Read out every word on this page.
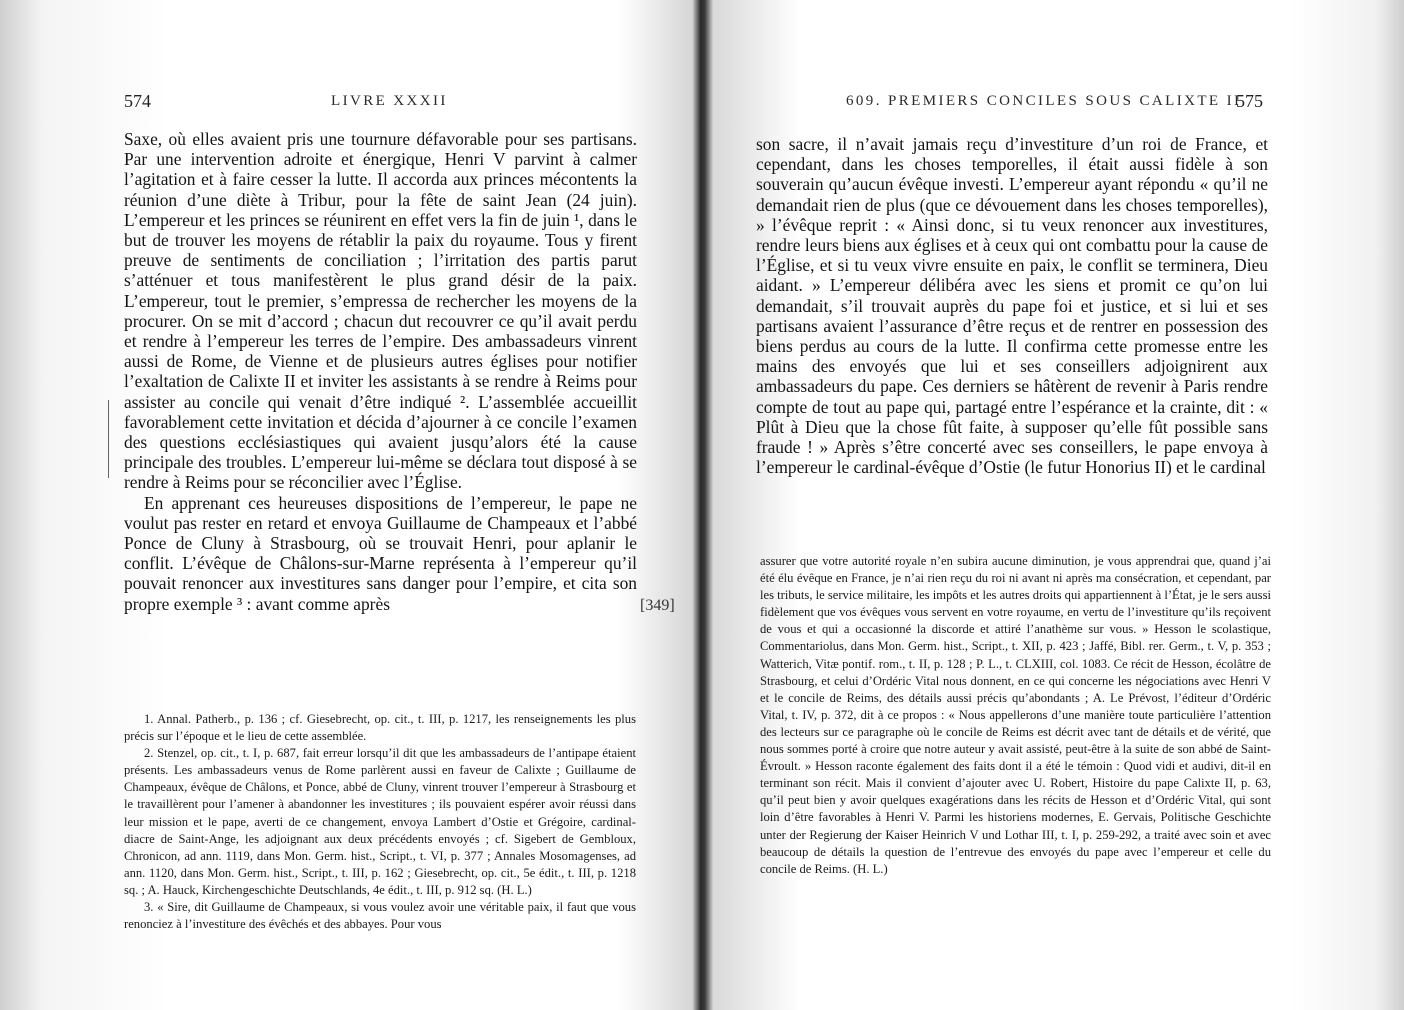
574	LIVRE XXXII

Saxe, où elles avaient pris une tournure défavorable pour ses partisans. Par une intervention adroite et énergique, Henri V parvint à calmer l’agitation et à faire cesser la lutte. Il accorda aux princes mécontents la réunion d’une diète à Tribur, pour la fête de saint Jean (24 juin). L’empereur et les princes se réunirent en effet vers la fin de juin ¹, dans le but de trouver les moyens de rétablir la paix du royaume. Tous y firent preuve de sentiments de conciliation ; l’irritation des partis parut s’atténuer et tous manifestèrent le plus grand désir de la paix. L’empereur, tout le premier, s’empressa de rechercher les moyens de la procurer. On se mit d’accord ; chacun dut recouvrer ce qu’il avait perdu et rendre à l’empereur les terres de l’empire. Des ambassadeurs vinrent aussi de Rome, de Vienne et de plusieurs autres églises pour notifier l’exaltation de Calixte II et inviter les assistants à se rendre à Reims pour assister au concile qui venait d’être indiqué ². L’assemblée accueillit favorablement cette invitation et décida d’ajourner à ce concile l’examen des questions ecclésiastiques qui avaient jusqu’alors été la cause principale des troubles. L’empereur lui-même se déclara tout disposé à se rendre à Reims pour se réconcilier avec l’Église.

En apprenant ces heureuses dispositions de l’empereur, le pape ne voulut pas rester en retard et envoya Guillaume de Champeaux et l’abbé Ponce de Cluny à Strasbourg, où se trouvait Henri, pour aplanir le conflit. L’évêque de Châlons-sur-Marne représenta à l’empereur qu’il pouvait renoncer aux investitures sans danger pour l’empire, et cita son propre exemple ³ : avant comme après	[349]

1. Annal. Patherb., p. 136 ; cf. Giesebrecht, op. cit., t. III, p. 1217, les renseignements les plus précis sur l’époque et le lieu de cette assemblée.

2. Stenzel, op. cit., t. I, p. 687, fait erreur lorsqu’il dit que les ambassadeurs de l’antipape étaient présents. Les ambassadeurs venus de Rome parlèrent aussi en faveur de Calixte ; Guillaume de Champeaux, évêque de Châlons, et Ponce, abbé de Cluny, vinrent trouver l’empereur à Strasbourg et le travaillèrent pour l’amener à abandonner les investitures ; ils pouvaient espérer avoir réussi dans leur mission et le pape, averti de ce changement, envoya Lambert d’Ostie et Grégoire, cardinal-diacre de Saint-Ange, les adjoignant aux deux précédents envoyés ; cf. Sigebert de Gembloux, Chronicon, ad ann. 1119, dans Mon. Germ. hist., Script., t. VI, p. 377 ; Annales Mosomagenses, ad ann. 1120, dans Mon. Germ. hist., Script., t. III, p. 162 ; Giesebrecht, op. cit., 5e édit., t. III, p. 1218 sq. ; A. Hauck, Kirchengeschichte Deutschlands, 4e édit., t. III, p. 912 sq. (H. L.)

3. « Sire, dit Guillaume de Champeaux, si vous voulez avoir une véritable paix, il faut que vous renonciez à l’investiture des évêchés et des abbayes. Pour vous

609. PREMIERS CONCILES SOUS CALIXTE II
575

son sacre, il n’avait jamais reçu d’investiture d’un roi de France, et cependant, dans les choses temporelles, il était aussi fidèle à son souverain qu’aucun évêque investi. L’empereur ayant répondu « qu’il ne demandait rien de plus (que ce dévouement dans les choses temporelles), » l’évêque reprit : « Ainsi donc, si tu veux renoncer aux investitures, rendre leurs biens aux églises et à ceux qui ont combattu pour la cause de l’Église, et si tu veux vivre ensuite en paix, le conflit se terminera, Dieu aidant. » L’empereur délibéra avec les siens et promit ce qu’on lui demandait, s’il trouvait auprès du pape foi et justice, et si lui et ses partisans avaient l’assurance d’être reçus et de rentrer en possession des biens perdus au cours de la lutte. Il confirma cette promesse entre les mains des envoyés que lui et ses conseillers adjoignirent aux ambassadeurs du pape. Ces derniers se hâtèrent de revenir à Paris rendre compte de tout au pape qui, partagé entre l’espérance et la crainte, dit : « Plût à Dieu que la chose fût faite, à supposer qu’elle fût possible sans fraude ! » Après s’être concerté avec ses conseillers, le pape envoya à l’empereur le cardinal-évêque d’Ostie (le futur Honorius II) et le cardinal

assurer que votre autorité royale n’en subira aucune diminution, je vous apprendrai que, quand j’ai été élu évêque en France, je n’ai rien reçu du roi ni avant ni après ma consécration, et cependant, par les tributs, le service militaire, les impôts et les autres droits qui appartiennent à l’État, je le sers aussi fidèlement que vos évêques vous servent en votre royaume, en vertu de l’investiture qu’ils reçoivent de vous et qui a occasionné la discorde et attiré l’anathème sur vous. » Hesson le scolastique, Commentariolus, dans Mon. Germ. hist., Script., t. XII, p. 423 ; Jaffé, Bibl. rer. Germ., t. V, p. 353 ; Watterich, Vitæ pontif. rom., t. II, p. 128 ; P. L., t. CLXIII, col. 1083. Ce récit de Hesson, écolâtre de Strasbourg, et celui d’Ordéric Vital nous donnent, en ce qui concerne les négociations avec Henri V et le concile de Reims, des détails aussi précis qu’abondants ; A. Le Prévost, l’éditeur d’Ordéric Vital, t. IV, p. 372, dit à ce propos : « Nous appellerons d’une manière toute particulière l’attention des lecteurs sur ce paragraphe où le concile de Reims est décrit avec tant de détails et de vérité, que nous sommes porté à croire que notre auteur y avait assisté, peut-être à la suite de son abbé de Saint-Évroult. » Hesson raconte également des faits dont il a été le témoin : Quod vidi et audivi, dit-il en terminant son récit. Mais il convient d’ajouter avec U. Robert, Histoire du pape Calixte II, p. 63, qu’il peut bien y avoir quelques exagérations dans les récits de Hesson et d’Ordéric Vital, qui sont loin d’être favorables à Henri V. Parmi les historiens modernes, E. Gervais, Politische Geschichte unter der Regierung der Kaiser Heinrich V und Lothar III, t. I, p. 259-292, a traité avec soin et avec beaucoup de détails la question de l’entrevue des envoyés du pape avec l’empereur et celle du concile de Reims. (H. L.)
